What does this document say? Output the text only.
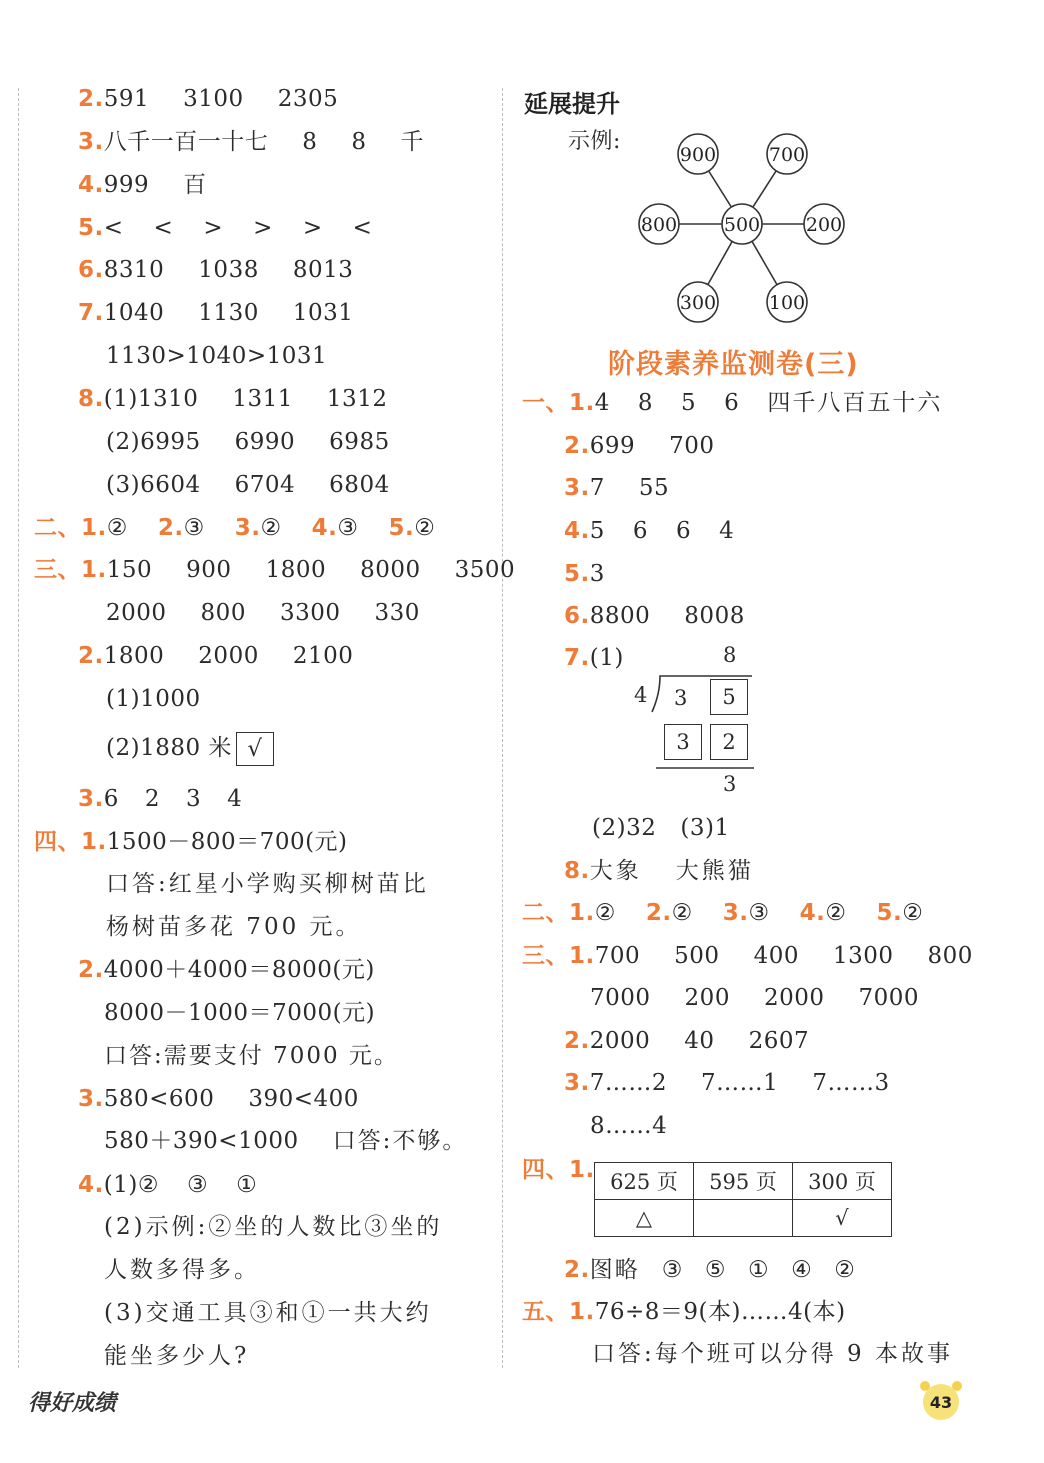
2.591 3100 2305
3.八千一百一十七 8 8 千
4.999 百
5.< < > > > <
6.8310 1038 8013
7.1040 1130 1031
1130>1040>1031
8.(1)1310 1311 1312
(2)6995 6990 6985
(3)6604 6704 6804
二、1.② 2.③ 3.② 4.③ 5.②
三、1.150 900 1800 8000 3500
2000 800 3300 330
2.1800 2000 2100
(1)1000
(2)1880 米 √
3.6 2 3 4
四、1.1500－800＝700(元)
口答:红星小学购买柳树苗比
杨树苗多花 700 元。
2.4000＋4000＝8000(元)
8000－1000＝7000(元)
口答:需要支付 7000 元。
3.580<600 390<400
580＋390<1000 口答:不够。
4.(1)② ③ ①
(2)示例:②坐的人数比③坐的
人数多得多。
(3)交通工具③和①一共大约
能坐多少人?
延展提升
示例:
500
900	700
800	200
300	100
阶段素养监测卷(三)
一、1.4 8 5 6 四千八百五十六
2.699 700
3.7 55
4.5 6 6 4
5.3
6.8800 8008
7.(1)	8
4 3	5
3	2
3
(2)32 (3)1
8.大象 大熊猫
二、1.② 2.② 3.③ 4.② 5.②
三、1.700 500 400 1300 800
7000 200 2000 7000
2.2000 40 2607
3.7……2 7……1 7……3
8……4
四、1. 625 页	595 页	300 页
△		√
2.图略 ③ ⑤ ① ④ ②
五、1.76÷8＝9(本)……4(本)
口答:每个班可以分得 9 本故事
得好成绩	43
